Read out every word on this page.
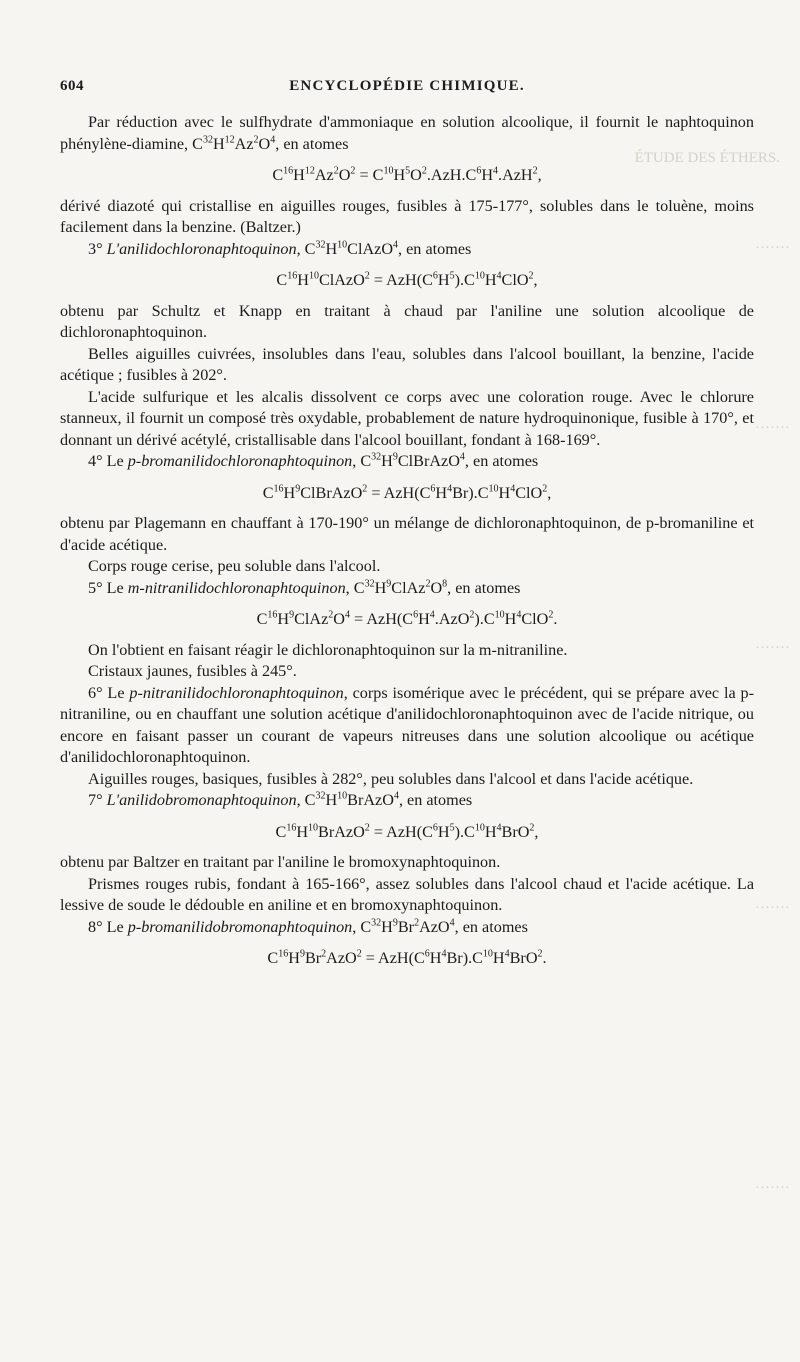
ÉTUDE DES ÉTHERS.
·······
·······
·······
·······
·······
604	ENCYCLOPÉDIE CHIMIQUE.

Par réduction avec le sulfhydrate d'ammoniaque en solution alcoolique, il fournit le naphtoquinon phénylène-diamine, $C^{32}H^{12}Az^2O^4$, en atomes

$C^{16}H^{12}Az^2O^2 = C^{10}H^5O^2.AzH.C^6H^4.AzH^2$,

dérivé diazoté qui cristallise en aiguilles rouges, fusibles à 175-177°, solubles dans le toluène, moins facilement dans la benzine. (Baltzer.)

3° L'anilidochloronaphtoquinon, $C^{32}H^{10}ClAzO^4$, en atomes

$C^{16}H^{10}ClAzO^2 = AzH(C^6H^5).C^{10}H^4ClO^2$,

obtenu par Schultz et Knapp en traitant à chaud par l'aniline une solution alcoolique de dichloronaphtoquinon.

Belles aiguilles cuivrées, insolubles dans l'eau, solubles dans l'alcool bouillant, la benzine, l'acide acétique ; fusibles à 202°.

L'acide sulfurique et les alcalis dissolvent ce corps avec une coloration rouge. Avec le chlorure stanneux, il fournit un composé très oxydable, probablement de nature hydroquinonique, fusible à 170°, et donnant un dérivé acétylé, cristallisable dans l'alcool bouillant, fondant à 168-169°.

4° Le p-bromanilidochloronaphtoquinon, $C^{32}H^9ClBrAzO^4$, en atomes

$C^{16}H^9ClBrAzO^2 = AzH(C^6H^4Br).C^{10}H^4ClO^2$,

obtenu par Plagemann en chauffant à 170-190° un mélange de dichloronaphtoquinon, de p-bromaniline et d'acide acétique.

Corps rouge cerise, peu soluble dans l'alcool.

5° Le m-nitranilidochloronaphtoquinon, $C^{32}H^9ClAz^2O^8$, en atomes

$C^{16}H^9ClAz^2O^4 = AzH(C^6H^4.AzO^2).C^{10}H^4ClO^2$.

On l'obtient en faisant réagir le dichloronaphtoquinon sur la m-nitraniline.

Cristaux jaunes, fusibles à 245°.

6° Le p-nitranilidochloronaphtoquinon, corps isomérique avec le précédent, qui se prépare avec la p-nitraniline, ou en chauffant une solution acétique d'anilidochloronaphtoquinon avec de l'acide nitrique, ou encore en faisant passer un courant de vapeurs nitreuses dans une solution alcoolique ou acétique d'anilidochloronaphtoquinon.

Aiguilles rouges, basiques, fusibles à 282°, peu solubles dans l'alcool et dans l'acide acétique.

7° L'anilidobromonaphtoquinon, $C^{32}H^{10}BrAzO^4$, en atomes

$C^{16}H^{10}BrAzO^2 = AzH(C^6H^5).C^{10}H^4BrO^2$,

obtenu par Baltzer en traitant par l'aniline le bromoxynaphtoquinon.

Prismes rouges rubis, fondant à 165-166°, assez solubles dans l'alcool chaud et l'acide acétique. La lessive de soude le dédouble en aniline et en bromoxynaphtoquinon.

8° Le p-bromanilidobromonaphtoquinon, $C^{32}H^9Br^2AzO^4$, en atomes

$C^{16}H^9Br^2AzO^2 = AzH(C^6H^4Br).C^{10}H^4BrO^2$.
